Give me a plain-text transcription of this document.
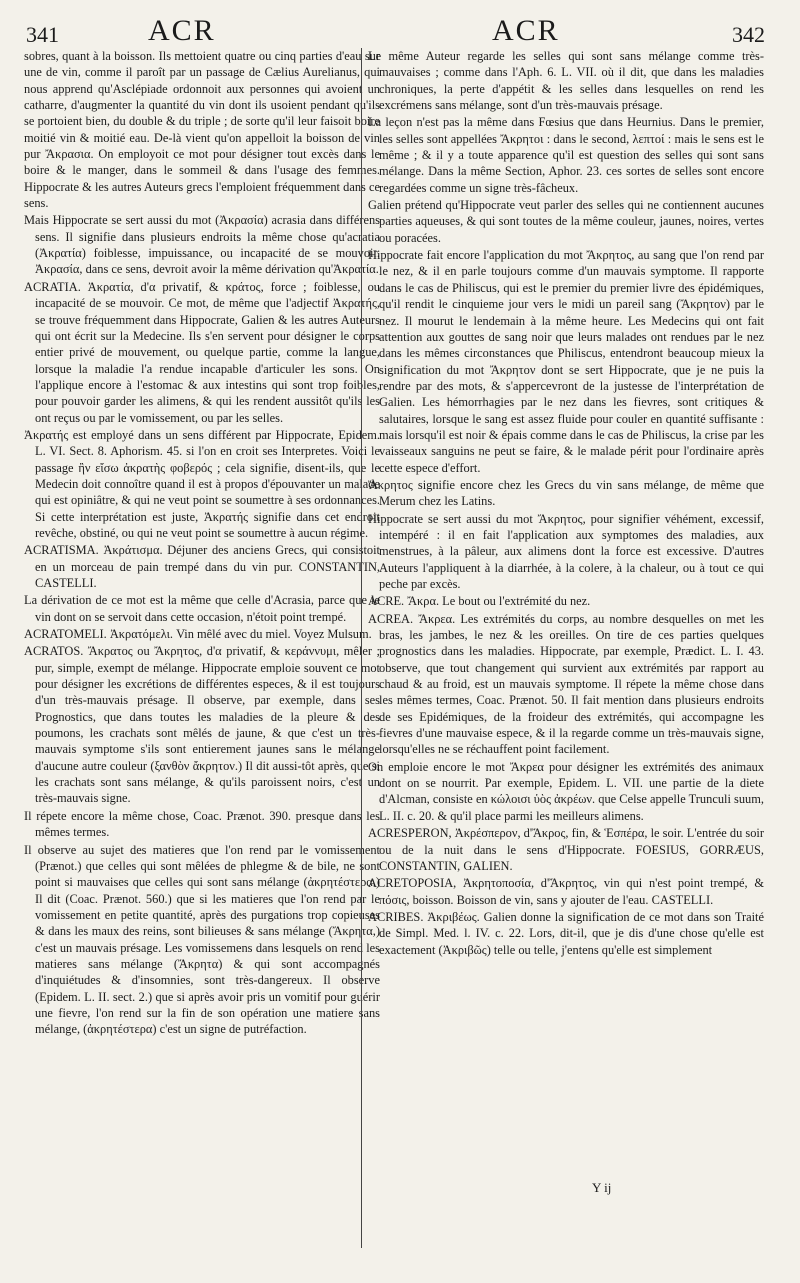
341	ACR	ACR	342

sobres, quant à la boisson. Ils mettoient quatre ou cinq parties d'eau sur une de vin, comme il paroît par un passage de Cælius Aurelianus, qui nous apprend qu'Asclépiade ordonnoit aux personnes qui avoient un catharre, d'augmenter la quantité du vin dont ils usoient pendant qu'ils se portoient bien, du double & du triple ; de sorte qu'il leur faisoit boire moitié vin & moitié eau. De-là vient qu'on appelloit la boisson de vin pur Ἄκρασια. On employoit ce mot pour désigner tout excès dans le boire & le manger, dans le sommeil & dans l'usage des femmes. Hippocrate & les autres Auteurs grecs l'emploient fréquemment dans ce sens.

Mais Hippocrate se sert aussi du mot (Ἀκρασία) acrasia dans différens sens. Il signifie dans plusieurs endroits la même chose qu'acratia (Ἀκρατία) foiblesse, impuissance, ou incapacité de se mouvoir. Ἀκρασία, dans ce sens, devroit avoir la même dérivation qu'Ἀκρατία.

ACRATIA. Ἀκρατία, d'α privatif, & κράτος, force ; foiblesse, ou incapacité de se mouvoir. Ce mot, de même que l'adjectif Ἀκρατής, se trouve fréquemment dans Hippocrate, Galien & les autres Auteurs qui ont écrit sur la Medecine. Ils s'en servent pour désigner le corps entier privé de mouvement, ou quelque partie, comme la langue, lorsque la maladie l'a rendue incapable d'articuler les sons. On l'applique encore à l'estomac & aux intestins qui sont trop foibles, pour pouvoir garder les alimens, & qui les rendent aussitôt qu'ils les ont reçus ou par le vomissement, ou par les selles.

Ἀκρατής est employé dans un sens différent par Hippocrate, Epidem. L. VI. Sect. 8. Aphorism. 45. si l'on en croit ses Interpretes. Voici le passage ἢν εἴσω ἀκρατὴς φοβερός ; cela signifie, disent-ils, que le Medecin doit connoître quand il est à propos d'épouvanter un malade qui est opiniâtre, & qui ne veut point se soumettre à ses ordonnances. Si cette interprétation est juste, Ἀκρατής signifie dans cet endroit revêche, obstiné, ou qui ne veut point se soumettre à aucun régime.

ACRATISMA. Ἀκράτισμα. Déjuner des anciens Grecs, qui consistoit en un morceau de pain trempé dans du vin pur. CONSTANTIN, CASTELLI.

La dérivation de ce mot est la même que celle d'Acrasia, parce que le vin dont on se servoit dans cette occasion, n'étoit point trempé.

ACRATOMELI. Ἀκρατόμελι. Vin mêlé avec du miel. Voyez Mulsum.

ACRATOS. Ἄκρατος ou Ἄκρητος, d'α privatif, & κεράννυμι, mêler ; pur, simple, exempt de mélange. Hippocrate emploie souvent ce mot pour désigner les excrétions de différentes especes, & il est toujours d'un très-mauvais présage. Il observe, par exemple, dans ses Prognostics, que dans toutes les maladies de la pleure & des poumons, les crachats sont mêlés de jaune, & que c'est un très-mauvais symptome s'ils sont entierement jaunes sans le mélange d'aucune autre couleur (ξανθὸν ἄκρητον.) Il dit aussi-tôt après, que si les crachats sont sans mélange, & qu'ils paroissent noirs, c'est un très-mauvais signe.

Il répete encore la même chose, Coac. Prænot. 390. presque dans les mêmes termes.

Il observe au sujet des matieres que l'on rend par le vomissement (Prænot.) que celles qui sont mêlées de phlegme & de bile, ne sont point si mauvaises que celles qui sont sans mélange (ἀκρητέστερα.) Il dit (Coac. Prænot. 560.) que si les matieres que l'on rend par le vomissement en petite quantité, après des purgations trop copieuses & dans les maux des reins, sont bilieuses & sans mélange (Ἄκρητα,) c'est un mauvais présage. Les vomissemens dans lesquels on rend les matieres sans mélange (Ἄκρητα) & qui sont accompagnés d'inquiétudes & d'insomnies, sont très-dangereux. Il observe (Epidem. L. II. sect. 2.) que si après avoir pris un vomitif pour guérir une fievre, l'on rend sur la fin de son opération une matiere sans mélange, (ἀκρητέστερα) c'est un signe de putréfaction.

Le même Auteur regarde les selles qui sont sans mélange comme très-mauvaises ; comme dans l'Aph. 6. L. VII. où il dit, que dans les maladies chroniques, la perte d'appétit & les selles dans lesquelles on rend les excrémens sans mélange, sont d'un très-mauvais présage.

La leçon n'est pas la même dans Fœsius que dans Heurnius. Dans le premier, les selles sont appellées Ἄκρητοι : dans le second, λεπτοί : mais le sens est le même ; & il y a toute apparence qu'il est question des selles qui sont sans mélange. Dans la même Section, Aphor. 23. ces sortes de selles sont encore regardées comme un signe très-fâcheux.

Galien prétend qu'Hippocrate veut parler des selles qui ne contiennent aucunes parties aqueuses, & qui sont toutes de la même couleur, jaunes, noires, vertes ou poracées.

Hippocrate fait encore l'application du mot Ἄκρητος, au sang que l'on rend par le nez, & il en parle toujours comme d'un mauvais symptome. Il rapporte dans le cas de Philiscus, qui est le premier du premier livre des épidémiques, qu'il rendit le cinquieme jour vers le midi un pareil sang (Ἄκρητον) par le nez. Il mourut le lendemain à la même heure. Les Medecins qui ont fait attention aux gouttes de sang noir que leurs malades ont rendues par le nez dans les mêmes circonstances que Philiscus, entendront beaucoup mieux la signification du mot Ἄκρητον dont se sert Hippocrate, que je ne puis la rendre par des mots, & s'appercevront de la justesse de l'interprétation de Galien. Les hémorrhagies par le nez dans les fievres, sont critiques & salutaires, lorsque le sang est assez fluide pour couler en quantité suffisante : mais lorsqu'il est noir & épais comme dans le cas de Philiscus, la crise par les vaisseaux sanguins ne peut se faire, & le malade périt pour l'ordinaire après cette espece d'effort.

Ἄκρητος signifie encore chez les Grecs du vin sans mélange, de même que Merum chez les Latins.

Hippocrate se sert aussi du mot Ἄκρητος, pour signifier véhément, excessif, intempéré : il en fait l'application aux symptomes des maladies, aux menstrues, à la pâleur, aux alimens dont la force est excessive. D'autres Auteurs l'appliquent à la diarrhée, à la colere, à la chaleur, ou à tout ce qui peche par excès.

ACRE. Ἄκρα. Le bout ou l'extrémité du nez.

ACREA. Ἄκρεα. Les extrémités du corps, au nombre desquelles on met les bras, les jambes, le nez & les oreilles. On tire de ces parties quelques prognostics dans les maladies. Hippocrate, par exemple, Prædict. L. I. 43. observe, que tout changement qui survient aux extrémités par rapport au chaud & au froid, est un mauvais symptome. Il répete la même chose dans les mêmes termes, Coac. Prænot. 50. Il fait mention dans plusieurs endroits de ses Epidémiques, de la froideur des extrémités, qui accompagne les fievres d'une mauvaise espece, & il la regarde comme un très-mauvais signe, lorsqu'elles ne se réchauffent point facilement.

On emploie encore le mot Ἄκρεα pour désigner les extrémités des animaux dont on se nourrit. Par exemple, Epidem. L. VII. une partie de la diete d'Alcman, consiste en κώλοισι ὑὸς ἀκρέων. que Celse appelle Trunculi suum, L. II. c. 20. & qu'il place parmi les meilleurs alimens.

ACRESPERON, Ἀκρέσπερον, d'Ἄκρος, fin, & Ἑσπέρα, le soir. L'entrée du soir ou de la nuit dans le sens d'Hippocrate. FOESIUS, GORRÆUS, CONSTANTIN, GALIEN.

ACRETOPOSIA, Ἀκρητοποσία, d'Ἄκρητος, vin qui n'est point trempé, & πόσις, boisson. Boisson de vin, sans y ajouter de l'eau. CASTELLI.

ACRIBES. Ἀκριβέως. Galien donne la signification de ce mot dans son Traité de Simpl. Med. l. IV. c. 22. Lors, dit-il, que je dis d'une chose qu'elle est exactement (Ἀκριβῶς) telle ou telle, j'entens qu'elle est simplement

Y ij
